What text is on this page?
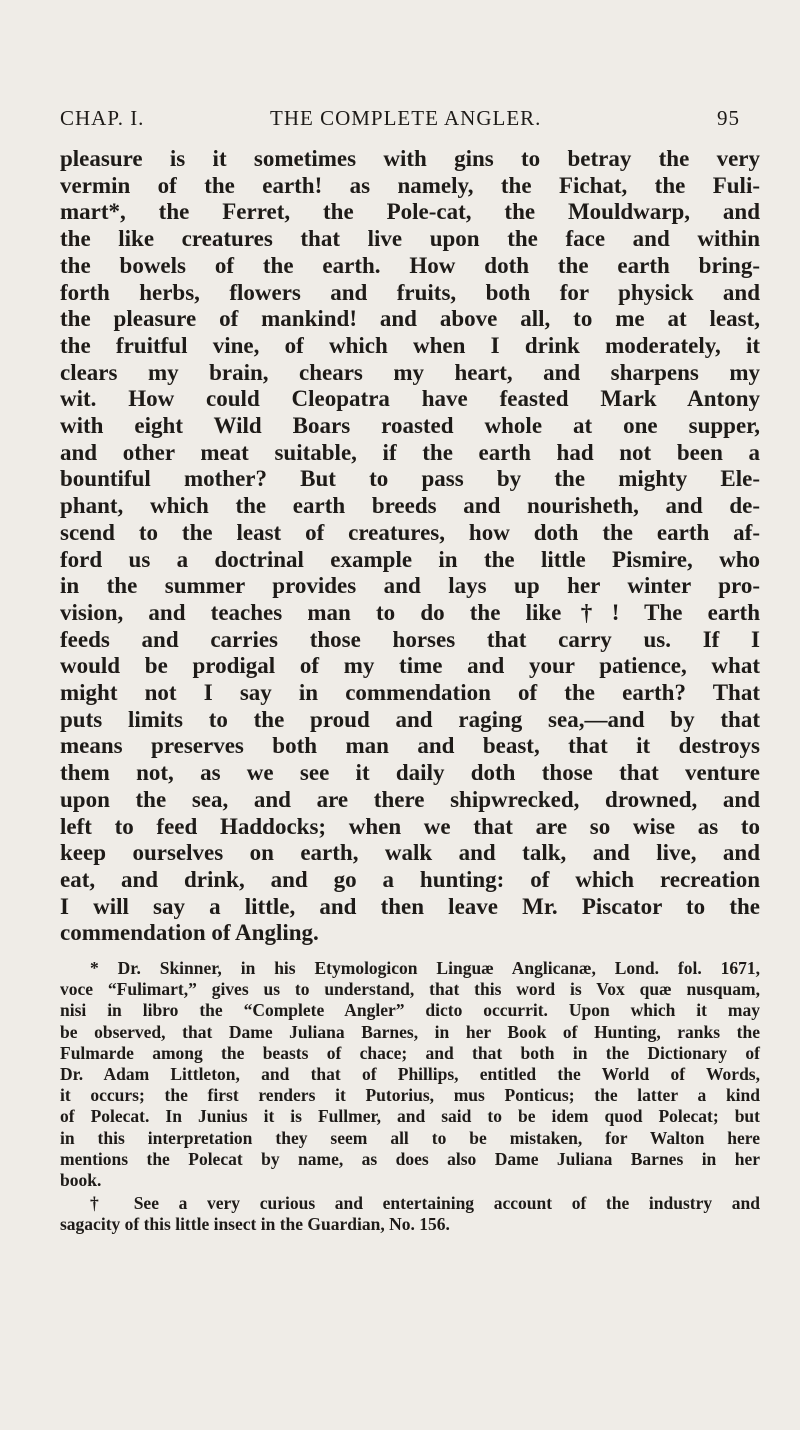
CHAP. I.	THE COMPLETE ANGLER.	95
pleasure is it sometimes with gins to betray the very
vermin of the earth! as namely, the Fichat, the Fuli-
mart*, the Ferret, the Pole-cat, the Mouldwarp, and
the like creatures that live upon the face and within
the bowels of the earth. How doth the earth bring-
forth herbs, flowers and fruits, both for physick and
the pleasure of mankind! and above all, to me at least,
the fruitful vine, of which when I drink moderately, it
clears my brain, chears my heart, and sharpens my
wit. How could Cleopatra have feasted Mark Antony
with eight Wild Boars roasted whole at one supper,
and other meat suitable, if the earth had not been a
bountiful mother? But to pass by the mighty Ele-
phant, which the earth breeds and nourisheth, and de-
scend to the least of creatures, how doth the earth af-
ford us a doctrinal example in the little Pismire, who
in the summer provides and lays up her winter pro-
vision, and teaches man to do the like†! The earth
feeds and carries those horses that carry us. If I
would be prodigal of my time and your patience, what
might not I say in commendation of the earth? That
puts limits to the proud and raging sea,—and by that
means preserves both man and beast, that it destroys
them not, as we see it daily doth those that venture
upon the sea, and are there shipwrecked, drowned, and
left to feed Haddocks; when we that are so wise as to
keep ourselves on earth, walk and talk, and live, and
eat, and drink, and go a hunting: of which recreation
I will say a little, and then leave Mr. Piscator to the
commendation of Angling.
* Dr. Skinner, in his Etymologicon Linguæ Anglicanæ, Lond. fol. 1671,
voce “Fulimart,” gives us to understand, that this word is Vox quæ nusquam,
nisi in libro the “Complete Angler” dicto occurrit. Upon which it may
be observed, that Dame Juliana Barnes, in her Book of Hunting, ranks the
Fulmarde among the beasts of chace; and that both in the Dictionary of
Dr. Adam Littleton, and that of Phillips, entitled the World of Words,
it occurs; the first renders it Putorius, mus Ponticus; the latter a kind
of Polecat. In Junius it is Fullmer, and said to be idem quod Polecat; but
in this interpretation they seem all to be mistaken, for Walton here
mentions the Polecat by name, as does also Dame Juliana Barnes in her
book.
† See a very curious and entertaining account of the industry and
sagacity of this little insect in the Guardian, No. 156.
